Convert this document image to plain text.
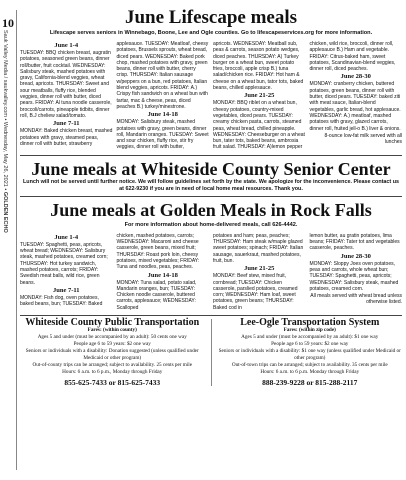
10
Sauk Valley Media / saukvalley.com • Wednesday, May 26, 2021 • GOLDEN ECHO
June Lifescape meals
Lifescape serves seniors in Winnebago, Boone, Lee and Ogle counties. Go to lifescapeservices.org for more information.
June 1-4

TUESDAY: BBQ chicken breast, augratin potatoes, seasoned green beans, dinner roll/butter, fruit cocktail. WEDNESDAY: Salisbury steak, mashed potatoes with gravy, California-blend veggies, wheat bread, apricots. THURSDAY: Sweet and sour meatballs, fluffy rice, blended veggies, dinner roll with butter, diced pears. FRIDAY: Al tuna noodle casserole, broccoli/carrots, pineapple tidbits, dinner roll, B.J cheliew salad/tomato.

June 7-11

MONDAY: Baked chicken breast, mashed potatoes with gravy, steamed peas, dinner roll with butter, strawberry

applesauce. TUESDAY: Meatloaf, cheesy potatoes, Brussels sprouts, wheat bread, diced pears. WEDNESDAY: Baked pork chop, mashed potatoes with gravy, green beans, dinner roll with butter, cherry crisp. THURSDAY: Italian sausage w/peppers on a bun, red potatoes, Italian blend veggies, apricots. FRIDAY: A.) Crispy fish sandwich on a wheat bun with tartar, mac & cheese, peas, diced peaches B.) turkey/minestrone.

June 14-18

MONDAY: Salisbury steak, mashed potatoes with gravy, green beans, dinner roll, Mandarin oranges. TUESDAY: Sweet and sour chicken, fluffy rice, stir fry veggies, dinner roll with butter,

apricots. WEDNESDAY: Meatball sub, peas & carrots, season potato wedges, diced peaches. THURSDAY: A) Turkey burger on a wheat bun, sweet potato fries, broccoli, apple crisp B.) tuna salad/chicken rice. FRIDAY: Hot ham & cheese on a wheat bun, tator tots, baked beans, chilled applesauce.

June 21-25

MONDAY: BBQ riblet on a wheat bun, cheesy potatoes, country-mixed vegetables, diced pears. TUESDAY: creamy chicken pasta, carrots, steamed peas, wheat bread, chilled pineapple. WEDNESDAY: Cheeseburger on a wheat bun, tater tots, baked beans, ambrosia fruit salad. THURSDAY: A)lemon pepper

chicken, wild rice, broccoli, dinner roll, applesauce B.) Ham and vegetable. FRIDAY: Citrus-baked ham, sweet potatoes, Scandinavian-blend veggies, dinner roll, diced peaches.

June 28-30

MONDAY: cranberry chicken, buttered potatoes, green beans, dinner roll with butter, diced pears. TUESDAY: baked ziti with meat sauce, Italian-blend vegetables, garlic bread, hot applesauce. WEDNESDAY: A.) meatloaf, mashed potatoes with gravy, glazed carrots, dinner roll, fruited jell-o B.) liver & onions.

8-ounce low-fat milk served with all lunches

June meals at Whiteside County Senior Center
Lunch will not be served until further notice. We will follow guidelines set forth by the state. We apologize for the inconvenience. Please contact us at 622-9230 if you are in need of local home meal resources. Thank you.
June meals at Golden Meals in Rock Falls
For more information about home-delivered meals, call 626-4442.
June 1-4

TUESDAY: Spaghetti, peas, apricots, wheat bread; WEDNESDAY: Salisbury steak, mashed potatoes, creamed corn; THURSDAY: Hot turkey sandwich, mashed potatoes, carrots; FRIDAY: Swedish meat balls, wild rice, green beans.

June 7-11

MONDAY: Fish dog, oven potatoes, baked beans, bun; TUESDAY: Baked

chicken, mashed potatoes, carrots; WEDNESDAY: Macaroni and cheese casserole, green beans, mixed fruit; THURSDAY: Roast pork loin, cheesy potatoes, mixed vegetables; FRIDAY: Tuna and noodles, peas, peaches.

June 14-18

MONDAY: Tuna salad, potato salad, Mandarin oranges, bun; TUESDAY: Chicken noodle casserole, buttered carrots, applesauce; WEDNESDAY: Scalloped

potatoes and ham; peas, peaches; THURSDAY: Ham steak w/maple glazed sweet potatoes; spinach; FRIDAY: Italian sausage, sauerkraut, mashed potatoes, fruit, bun.

June 21-25

MONDAY: Beef stew, mixed fruit, cornbread; TUESDAY: Chicken casserole, parslied potatoes, creamed corn; WEDNESDAY: Ham loaf, sweet potatoes, green beans; THURSDAY: Baked cod in

lemon butter, au gratin potatoes, lima beans; FRIDAY: Tater tot and vegetables casserole, peaches.

June 28-30

MONDAY: Sloppy Joes oven potatoes, peas and carrots, whole wheat bun; TUESDAY: Spaghetti, peas, apricots; WEDNESDAY: Salisbury steak, mashed potatoes, creamed corn.

All meals served with wheat bread unless otherwise listed.

Whiteside County Public Transportation
Fares: (within county)
Ages 5 and under (must be accompanied by an adult): 50 cents one way
People age 6 to 59 years: $2 one way
Seniors or individuals with a disability: Donation suggested (unless qualified under Medicaid or other program)
Out-of-county trips can be arranged; subject to availability. 25 cents per mile
Hours: 6 a.m. to 6 p.m., Monday through Friday
855-625-7433 or 815-625-7433
Lee-Ogle Transportation System
Fares: (within zip code)
Ages 5 and under (must be accompanied by an adult): $1 one way
People age 6 to 59 years: $2 one way
Seniors or individuals with a disability: $1 one way (unless qualified under Medicaid or other program)
Out-of-town trips can be arranged; subject to availability. 35 cents per mile
Hours: 6 a.m. to 6 p.m. Monday through Friday
888-239-9228 or 815-288-2117
